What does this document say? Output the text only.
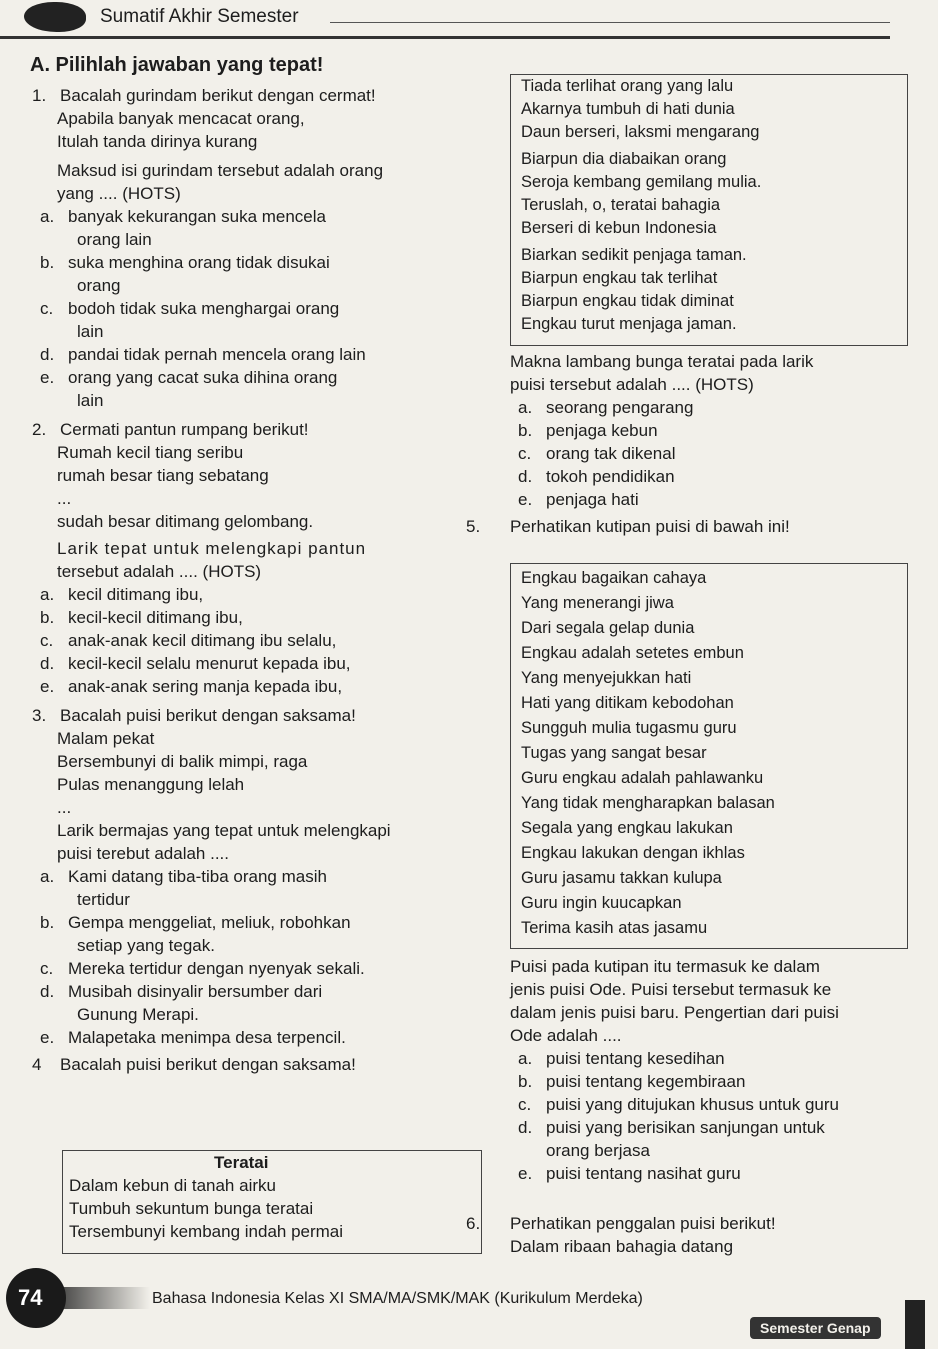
Sumatif Akhir Semester
A. Pilihlah jawaban yang tepat!
1. Bacalah gurindam berikut dengan cermat!

Apabila banyak mencacat orang,

Itulah tanda dirinya kurang

Maksud isi gurindam tersebut adalah orang

yang .... (HOTS)

a. banyak kekurangan suka mencela

orang lain

b. suka menghina orang tidak disukai

orang

c. bodoh tidak suka menghargai orang

lain

d. pandai tidak pernah mencela orang lain
e. orang yang cacat suka dihina orang

lain

2. Cermati pantun rumpang berikut!

Rumah kecil tiang seribu

rumah besar tiang sebatang

...

sudah besar ditimang gelombang.

Larik tepat untuk melengkapi pantun

tersebut adalah .... (HOTS)

a. kecil ditimang ibu,
b. kecil-kecil ditimang ibu,
c. anak-anak kecil ditimang ibu selalu,
d. kecil-kecil selalu menurut kepada ibu,
e. anak-anak sering manja kepada ibu,
3. Bacalah puisi berikut dengan saksama!

Malam pekat

Bersembunyi di balik mimpi, raga

Pulas menanggung lelah

...

Larik bermajas yang tepat untuk melengkapi

puisi terebut adalah ....

a. Kami datang tiba-tiba orang masih

tertidur

b. Gempa menggeliat, meliuk, robohkan

setiap yang tegak.

c. Mereka tertidur dengan nyenyak sekali.
d. Musibah disinyalir bersumber dari

Gunung Merapi.

e. Malapetaka menimpa desa terpencil.
4	Bacalah puisi berikut dengan saksama!

Teratai

Dalam kebun di tanah airku

Tumbuh sekuntum bunga teratai

Tersembunyi kembang indah permai

Tiada terlihat orang yang lalu

Akarnya tumbuh di hati dunia

Daun berseri, laksmi mengarang

Biarpun dia diabaikan orang

Seroja kembang gemilang mulia.

Teruslah, o, teratai bahagia

Berseri di kebun Indonesia

Biarkan sedikit penjaga taman.

Biarpun engkau tak terlihat

Biarpun engkau tidak diminat

Engkau turut menjaga jaman.

Makna lambang bunga teratai pada larik

puisi tersebut adalah .... (HOTS)

a. seorang pengarang
b. penjaga kebun
c. orang tak dikenal
d. tokoh pendidikan
e. penjaga hati
5.	Perhatikan kutipan puisi di bawah ini!

Engkau bagaikan cahaya

Yang menerangi jiwa

Dari segala gelap dunia

Engkau adalah setetes embun

Yang menyejukkan hati

Hati yang ditikam kebodohan

Sungguh mulia tugasmu guru

Tugas yang sangat besar

Guru engkau adalah pahlawanku

Yang tidak mengharapkan balasan

Segala yang engkau lakukan

Engkau lakukan dengan ikhlas

Guru jasamu takkan kulupa

Guru ingin kuucapkan

Terima kasih atas jasamu

Puisi pada kutipan itu termasuk ke dalam

jenis puisi Ode. Puisi tersebut termasuk ke

dalam jenis puisi baru. Pengertian dari puisi

Ode adalah ....

a. puisi tentang kesedihan
b. puisi tentang kegembiraan
c. puisi yang ditujukan khusus untuk guru
d. puisi yang berisikan sanjungan untuk

orang berjasa

e. puisi tentang nasihat guru
6.	Perhatikan penggalan puisi berikut!

Dalam ribaan bahagia datang

74	Bahasa Indonesia Kelas XI SMA/MA/SMK/MAK (Kurikulum Merdeka)
Semester Genap
